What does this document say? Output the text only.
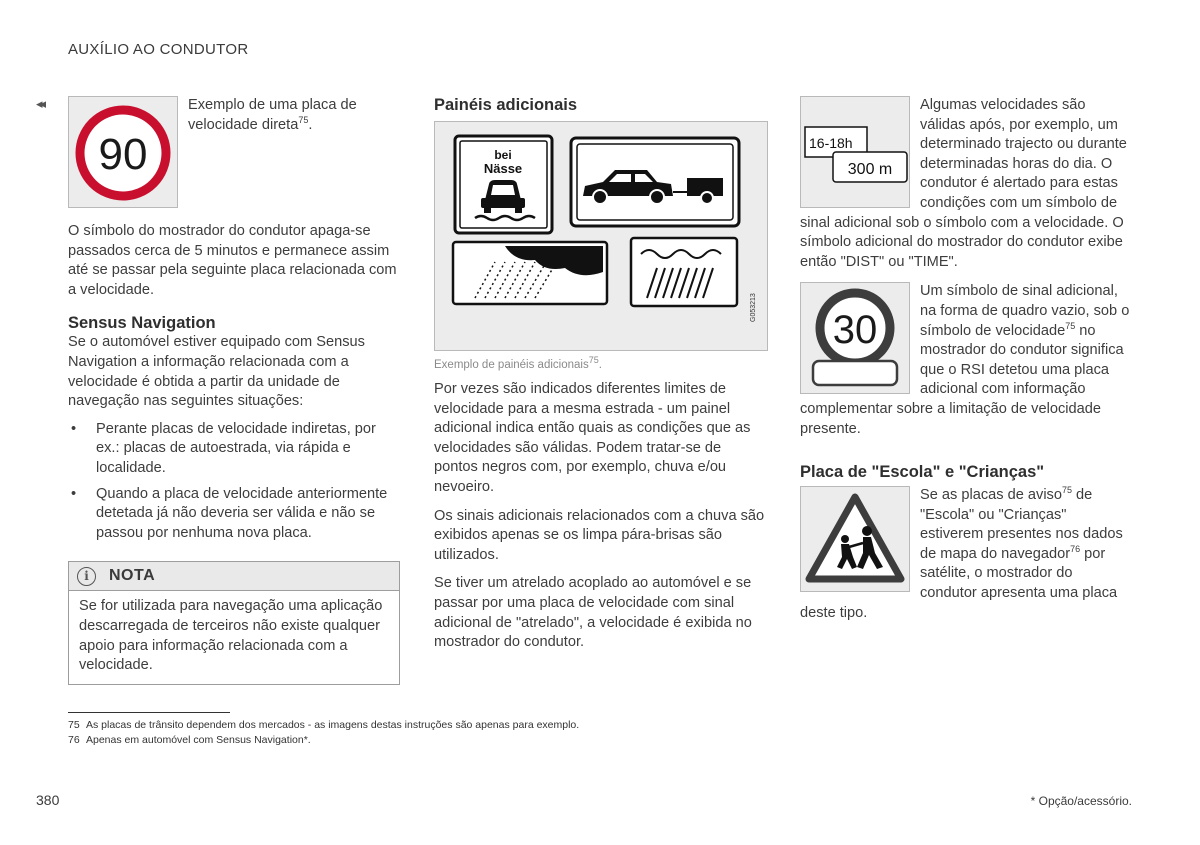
AUXÍLIO AO CONDUTOR
◂◂
90

Exemplo de uma placa de velocidade direta$^{75}$.

O símbolo do mostrador do condutor apaga-se passados cerca de 5 minutos e permanece assim até se passar pela seguinte placa relacionada com a velocidade.

Sensus Navigation

Se o automóvel estiver equipado com Sensus Navigation a informação relacionada com a velocidade é obtida a partir da unidade de navegação nas seguintes situações:

• Perante placas de velocidade indiretas, por ex.: placas de autoestrada, via rápida e localidade.
• Quando a placa de velocidade anteriormente detetada já não deveria ser válida e não se passou por nenhuma nova placa.
i	NOTA

Se for utilizada para navegação uma aplicação descarregada de terceiros não existe qualquer apoio para informação relacionada com a velocidade.

Painéis adicionais
bei
Nässe
G053213
Exemplo de painéis adicionais$^{75}$.

Por vezes são indicados diferentes limites de velocidade para a mesma estrada - um painel adicional indica então quais as condições que as velocidades são válidas. Podem tratar-se de pontos negros com, por exemplo, chuva e/ou nevoeiro.

Os sinais adicionais relacionados com a chuva são exibidos apenas se os limpa pára-brisas são utilizados.

Se tiver um atrelado acoplado ao automóvel e se passar por uma placa de velocidade com sinal adicional de "atrelado", a velocidade é exibida no mostrador do condutor.

16-18h
300 m

Algumas velocidades são válidas após, por exemplo, um determinado trajecto ou durante determinadas horas do dia. O condutor é alertado para estas condições com um símbolo de sinal adicional sob o símbolo com a velocidade. O símbolo adicional do mostrador do condutor exibe então "DIST" ou "TIME".

30

Um símbolo de sinal adicional, na forma de quadro vazio, sob o símbolo de velocidade$^{75}$ no mostrador do condutor significa que o RSI detetou uma placa adicional com informação complementar sobre a limitação de velocidade presente.

Placa de "Escola" e "Crianças"

Se as placas de aviso$^{75}$ de "Escola" ou "Crianças" estiverem presentes nos dados de mapa do navegador$^{76}$ por satélite, o mostrador do condutor apresenta uma placa deste tipo.

75 As placas de trânsito dependem dos mercados - as imagens destas instruções são apenas para exemplo.
76 Apenas em automóvel com Sensus Navigation*.
380	* Opção/acessório.
